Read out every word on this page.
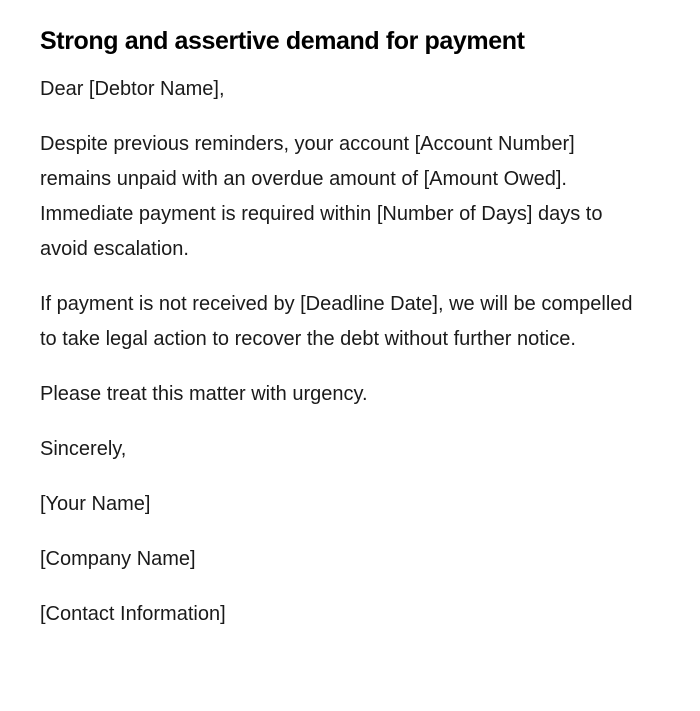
Strong and assertive demand for payment

Dear [Debtor Name],

Despite previous reminders, your account [Account Number] remains unpaid with an overdue amount of [Amount Owed]. Immediate payment is required within [Number of Days] days to avoid escalation.

If payment is not received by [Deadline Date], we will be compelled to take legal action to recover the debt without further notice.

Please treat this matter with urgency.

Sincerely,

[Your Name]

[Company Name]

[Contact Information]
